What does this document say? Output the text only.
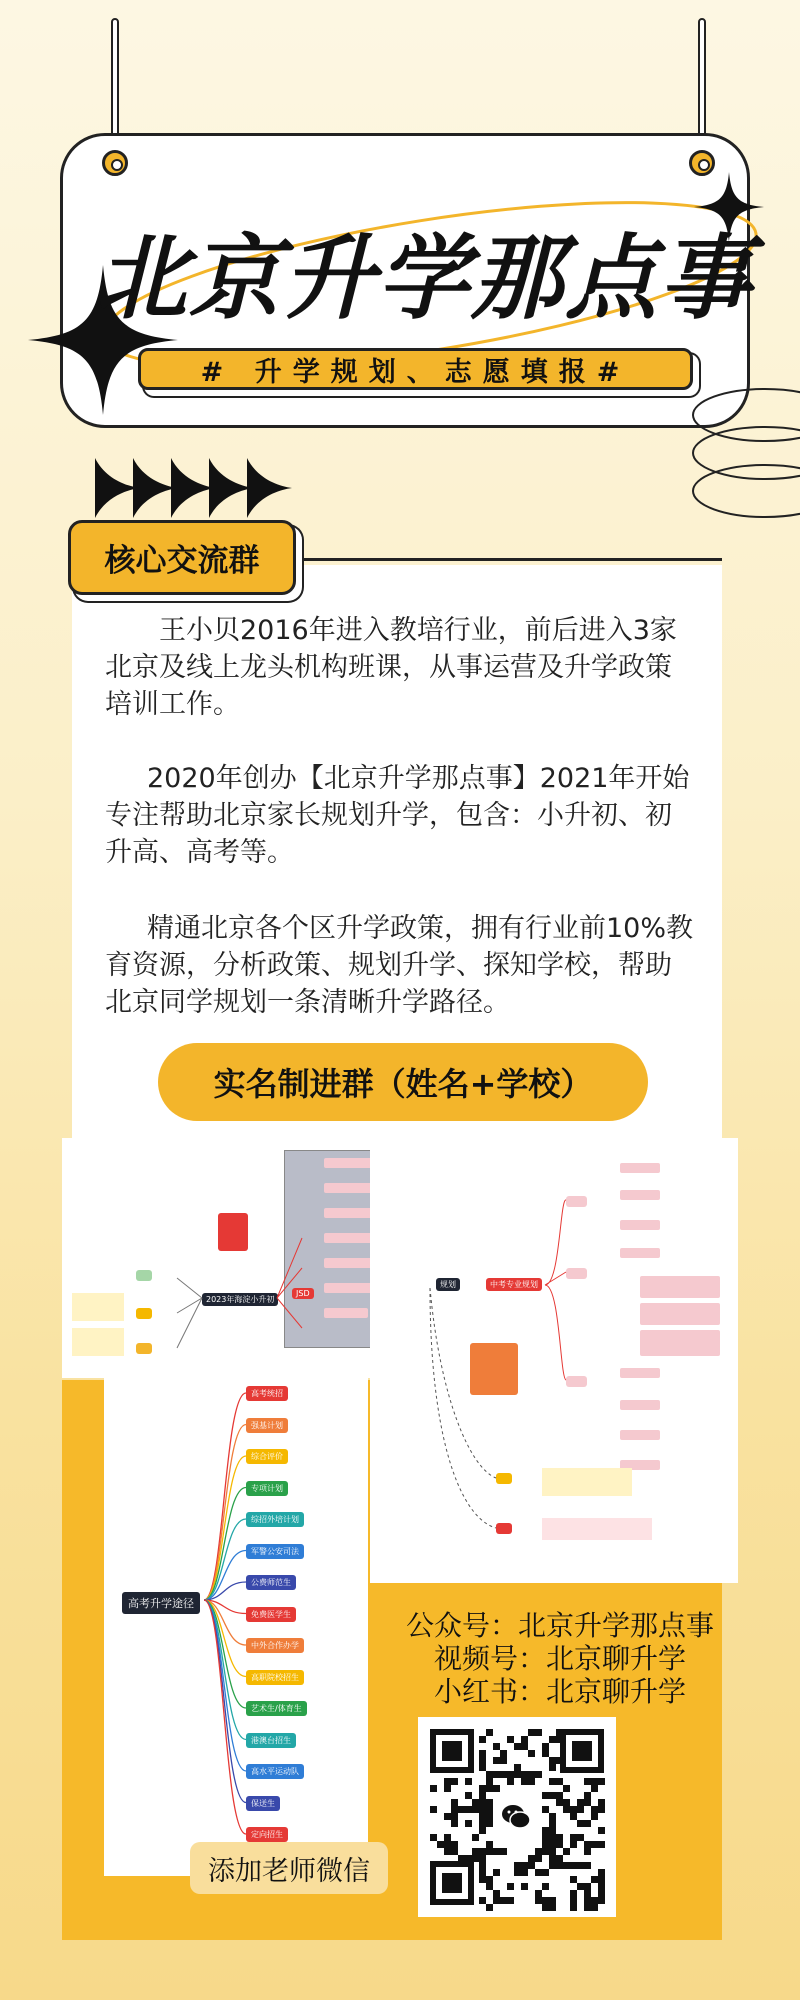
北京升学那点事
# 升学规划、志愿填报#
核心交流群

王小贝2016年进入教培行业，前后进入3家北京及线上龙头机构班课，从事运营及升学政策培训工作。

2020年创办【北京升学那点事】2021年开始专注帮助北京家长规划升学，包含：小升初、初升高、高考等。

精通北京各个区升学政策，拥有行业前10%教育资源，分析政策、规划升学、探知学校，帮助北京同学规划一条清晰升学路径。

实名制进群（姓名+学校）
2023年海淀小升初
JSD

规划	中考专业规划

高考升学途径
高考统招
强基计划
综合评价
专项计划
综招外培计划
军警公安司法
公费师范生
免费医学生
中外合作办学
高职院校招生
艺术生/体育生
港澳台招生
高水平运动队
保送生
定向招生
公众号：北京升学那点事
视频号：北京聊升学
小红书：北京聊升学
添加老师微信
